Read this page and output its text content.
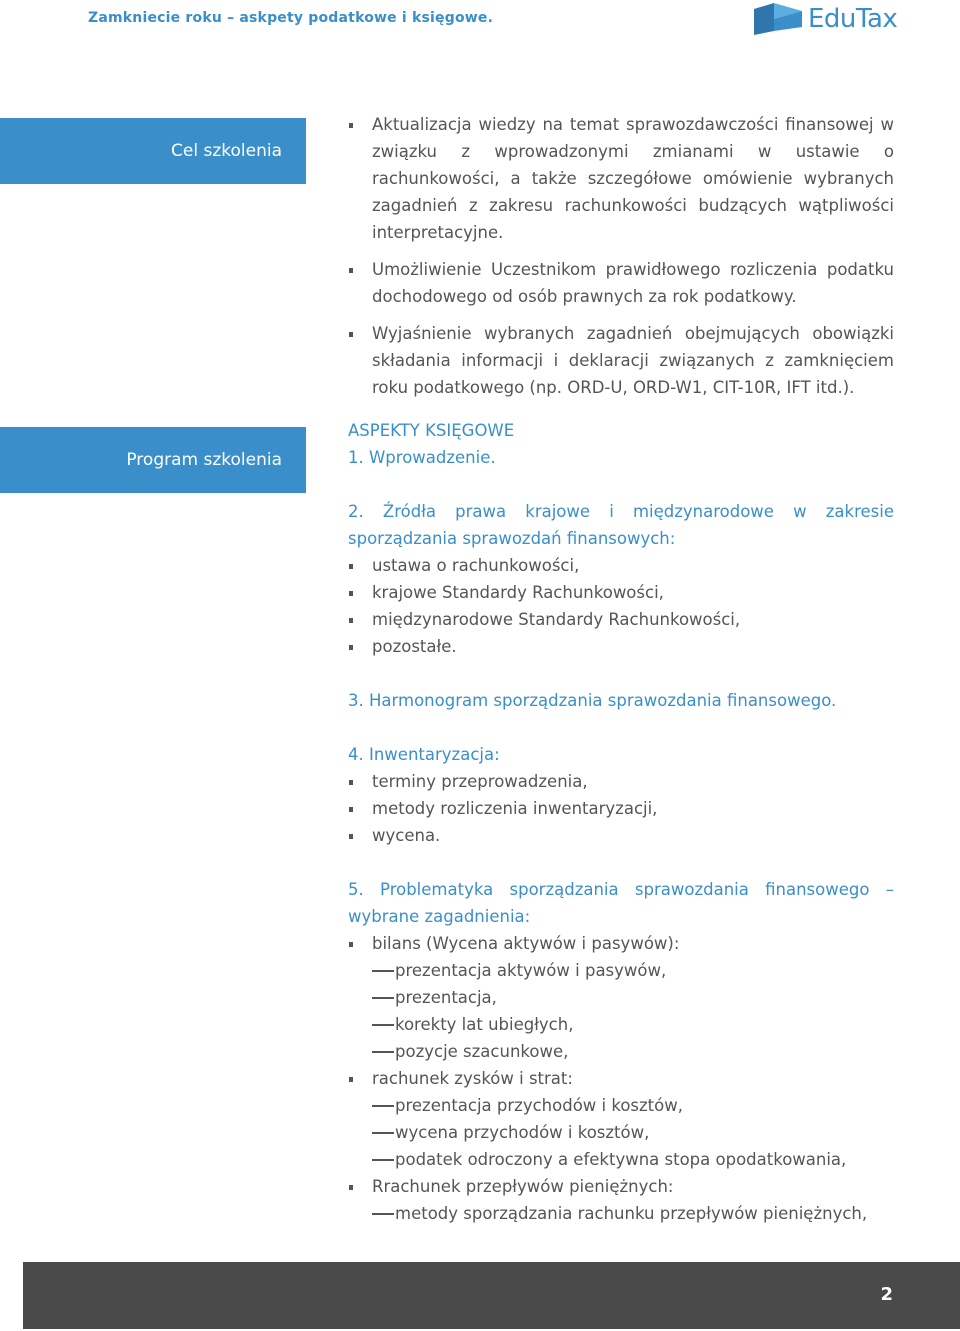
Zamkniecie roku – askpety podatkowe i księgowe.	EduTax
Cel szkolenia
Aktualizacja wiedzy na temat sprawozdawczości finansowej w związku z wprowadzonymi zmianami w ustawie o rachunkowości, a także szczegółowe omówienie wybranych zagadnień z zakresu rachunkowości budzących wątpliwości interpretacyjne.
Umożliwienie Uczestnikom prawidłowego rozliczenia podatku dochodowego od osób prawnych za rok podatkowy.
Wyjaśnienie wybranych zagadnień obejmujących obowiązki składania informacji i deklaracji związanych z zamknięciem roku podatkowego (np. ORD-U, ORD-W1, CIT-10R, IFT itd.).
Program szkolenia
ASPEKTY KSIĘGOWE
1. Wprowadzenie.
2. Źródła prawa krajowe i międzynarodowe w zakresie sporządzania sprawozdań finansowych:
ustawa o rachunkowości,
krajowe Standardy Rachunkowości,
międzynarodowe Standardy Rachunkowości,
pozostałe.
3. Harmonogram sporządzania sprawozdania finansowego.
4. Inwentaryzacja:
terminy przeprowadzenia,
metody rozliczenia inwentaryzacji,
wycena.
5. Problematyka sporządzania sprawozdania finansowego – wybrane zagadnienia:
bilans (Wycena aktywów i pasywów):
prezentacja aktywów i pasywów,
prezentacja,
korekty lat ubiegłych,
pozycje szacunkowe,
rachunek zysków i strat:
prezentacja przychodów i kosztów,
wycena przychodów i kosztów,
podatek odroczony a efektywna stopa opodatkowania,
Rrachunek przepływów pieniężnych:
metody sporządzania rachunku przepływów pieniężnych,
2
